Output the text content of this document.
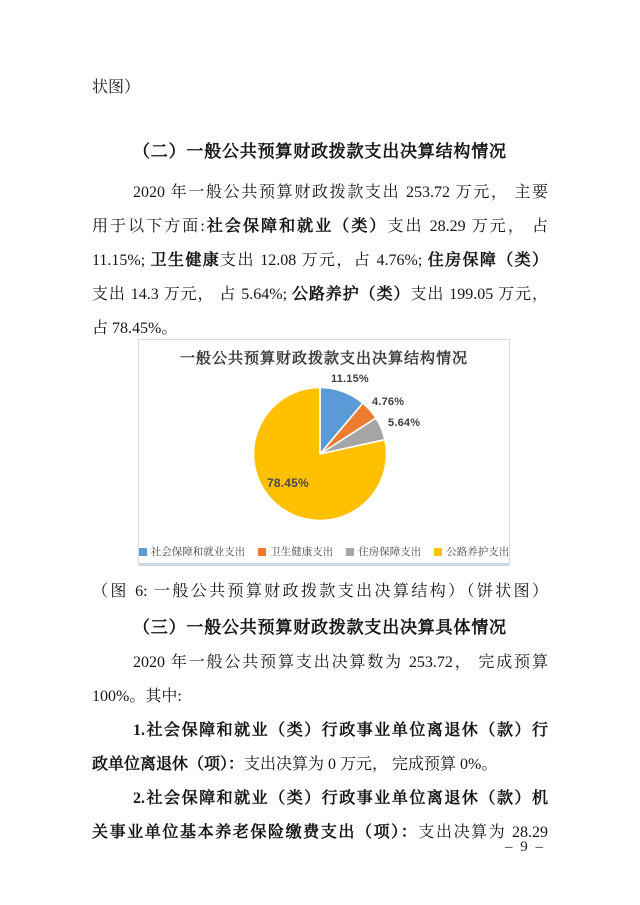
状图）
（二）一般公共预算财政拨款支出决算结构情况
2020 年一般公共预算财政拨款支出 253.72 万元， 主要
用于以下方面:社会保障和就业（类）支出 28.29 万元， 占
11.15%; 卫生健康支出 12.08 万元，占 4.76%; 住房保障（类）
支出 14.3 万元， 占 5.64%; 公路养护（类）支出 199.05 万元，
占 78.45%。
一般公共预算财政拨款支出决算结构情况
11.15%
4.76%
5.64%
78.45%
社会保障和就业支出 卫生健康支出 住房保障支出 公路养护支出
（图 6: 一般公共预算财政拨款支出决算结构）（饼状图）
（三）一般公共预算财政拨款支出决算具体情况
2020 年一般公共预算支出决算数为 253.72， 完成预算
100%。其中:
1.社会保障和就业（类）行政事业单位离退休（款）行
政单位离退休（项）：支出决算为 0 万元， 完成预算 0%。
2.社会保障和就业（类）行政事业单位离退休（款）机
关事业单位基本养老保险缴费支出（项）：支出决算为 28.29
– 9 –
